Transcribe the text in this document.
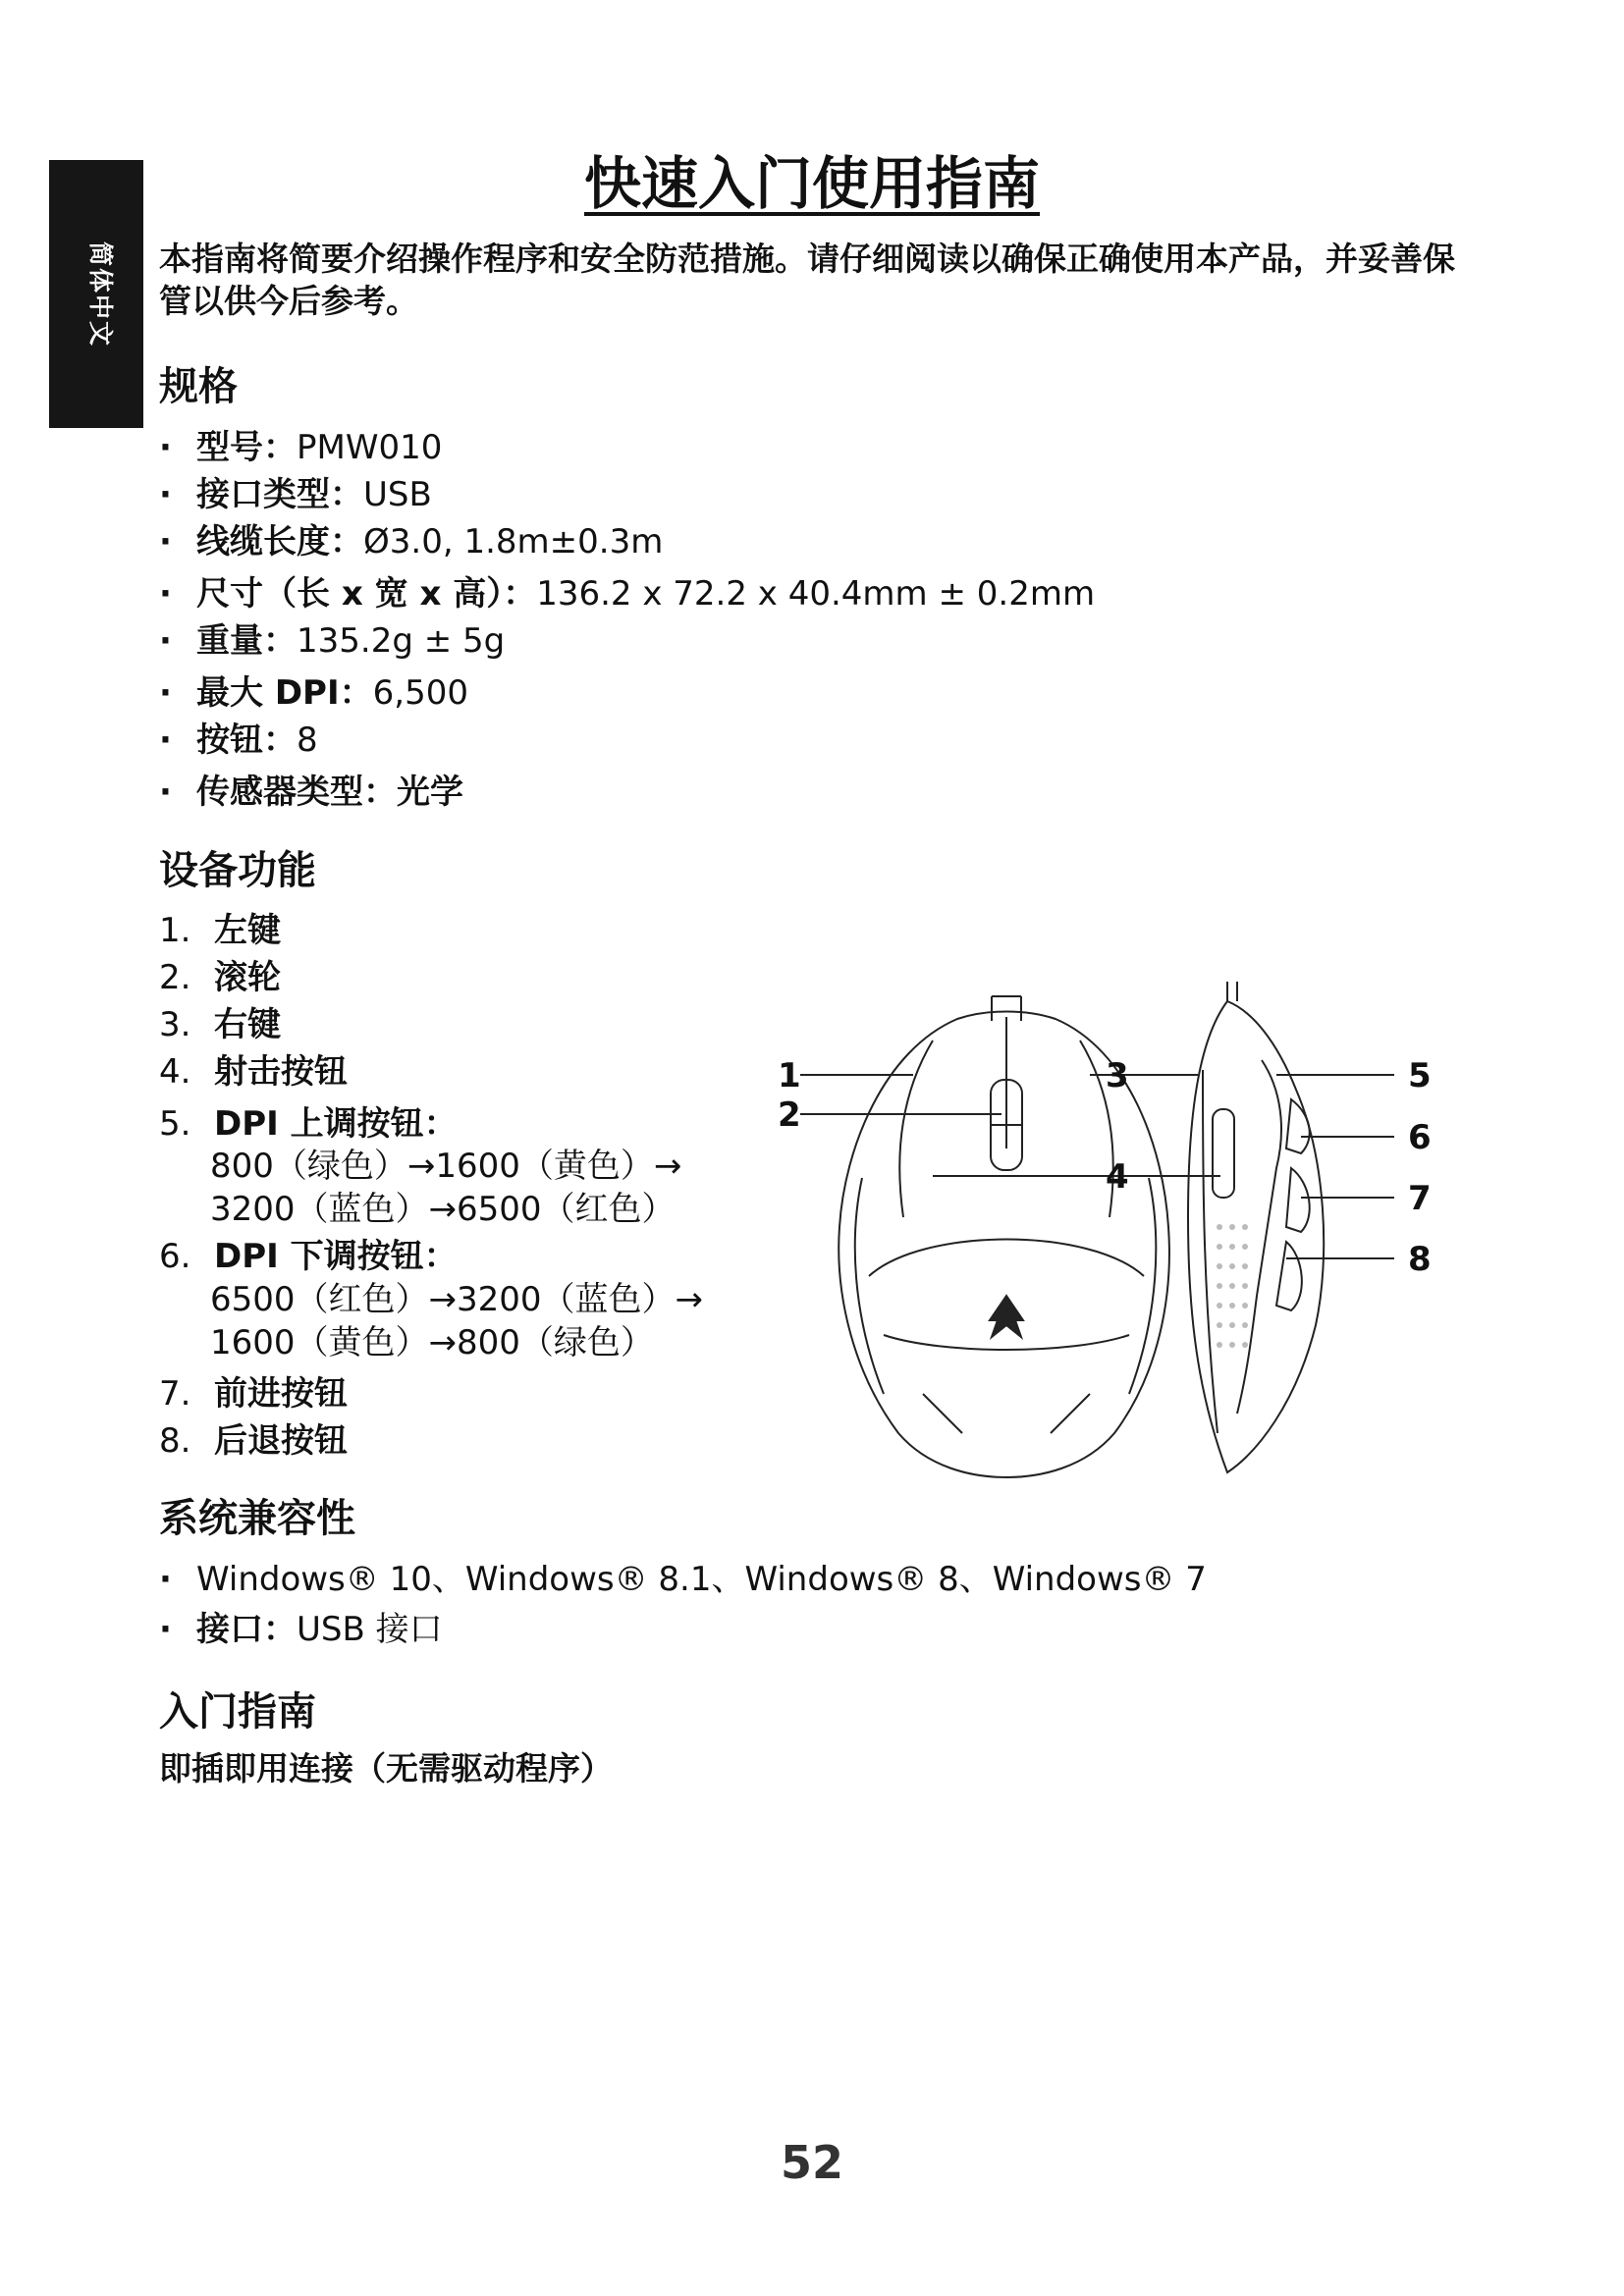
简体中文
快速入门使用指南
本指南将简要介绍操作程序和安全防范措施。请仔细阅读以确保正确使用本产品，并妥善保管以供今后参考。
规格
· 型号：PMW010
· 接口类型：USB
· 线缆长度：Ø3.0, 1.8m±0.3m
· 尺寸（长 x 宽 x 高）：136.2 x 72.2 x 40.4mm ± 0.2mm
· 重量：135.2g ± 5g
· 最大 DPI：6,500
· 按钮：8
· 传感器类型：光学
设备功能
1. 左键
2. 滚轮
3. 右键
4. 射击按钮
5. DPI 上调按钮：
800（绿色）→1600（黄色）→
3200（蓝色）→6500（红色）
6. DPI 下调按钮：
6500（红色）→3200（蓝色）→
1600（黄色）→800（绿色）
7. 前进按钮
8. 后退按钮
1
2
3
4
5
6
7
8
系统兼容性
· Windows® 10、Windows® 8.1、Windows® 8、Windows® 7
· 接口：USB 接口
入门指南
即插即用连接（无需驱动程序）
52
